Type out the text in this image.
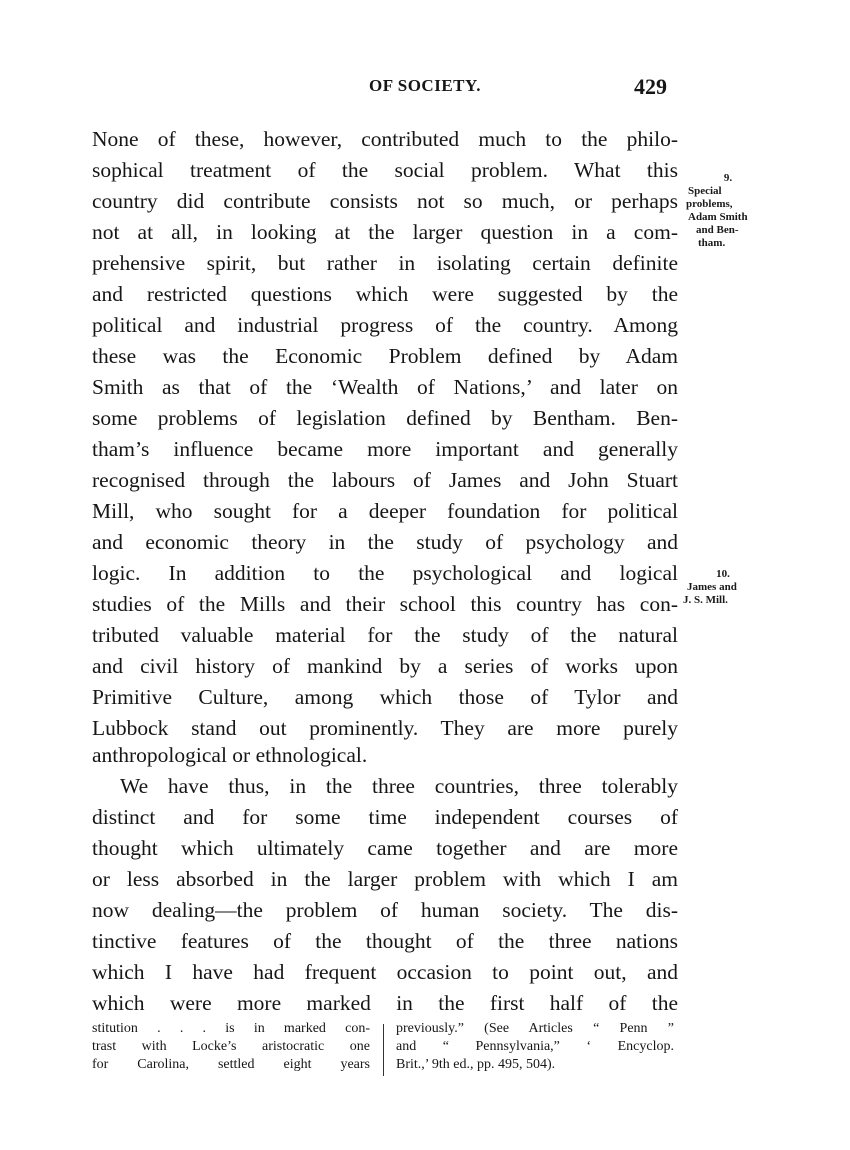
OF SOCIETY.	429
None of these, however, contributed much to the philo-
sophical treatment of the social problem. What this
country did contribute consists not so much, or perhaps
not at all, in looking at the larger question in a com-
prehensive spirit, but rather in isolating certain definite
and restricted questions which were suggested by the
political and industrial progress of the country. Among
these was the Economic Problem defined by Adam
Smith as that of the ‘Wealth of Nations,’ and later on
some problems of legislation defined by Bentham. Ben-
tham’s influence became more important and generally
recognised through the labours of James and John Stuart
Mill, who sought for a deeper foundation for political
and economic theory in the study of psychology and
logic. In addition to the psychological and logical
studies of the Mills and their school this country has con-
tributed valuable material for the study of the natural
and civil history of mankind by a series of works upon
Primitive Culture, among which those of Tylor and
Lubbock stand out prominently. They are more purely
anthropological or ethnological.
We have thus, in the three countries, three tolerably
distinct and for some time independent courses of
thought which ultimately came together and are more
or less absorbed in the larger problem with which I am
now dealing—the problem of human society. The dis-
tinctive features of the thought of the three nations
which I have had frequent occasion to point out, and
which were more marked in the first half of the
9.
Special
problems,
Adam Smith
and Ben-
tham.
10.
James and
J. S. Mill.
stitution . . . is in marked con-
trast with Locke’s aristocratic one
for Carolina, settled eight years
previously.” (See Articles “ Penn ”
and “ Pennsylvania,” ‘ Encyclop.
Brit.,’ 9th ed., pp. 495, 504).
